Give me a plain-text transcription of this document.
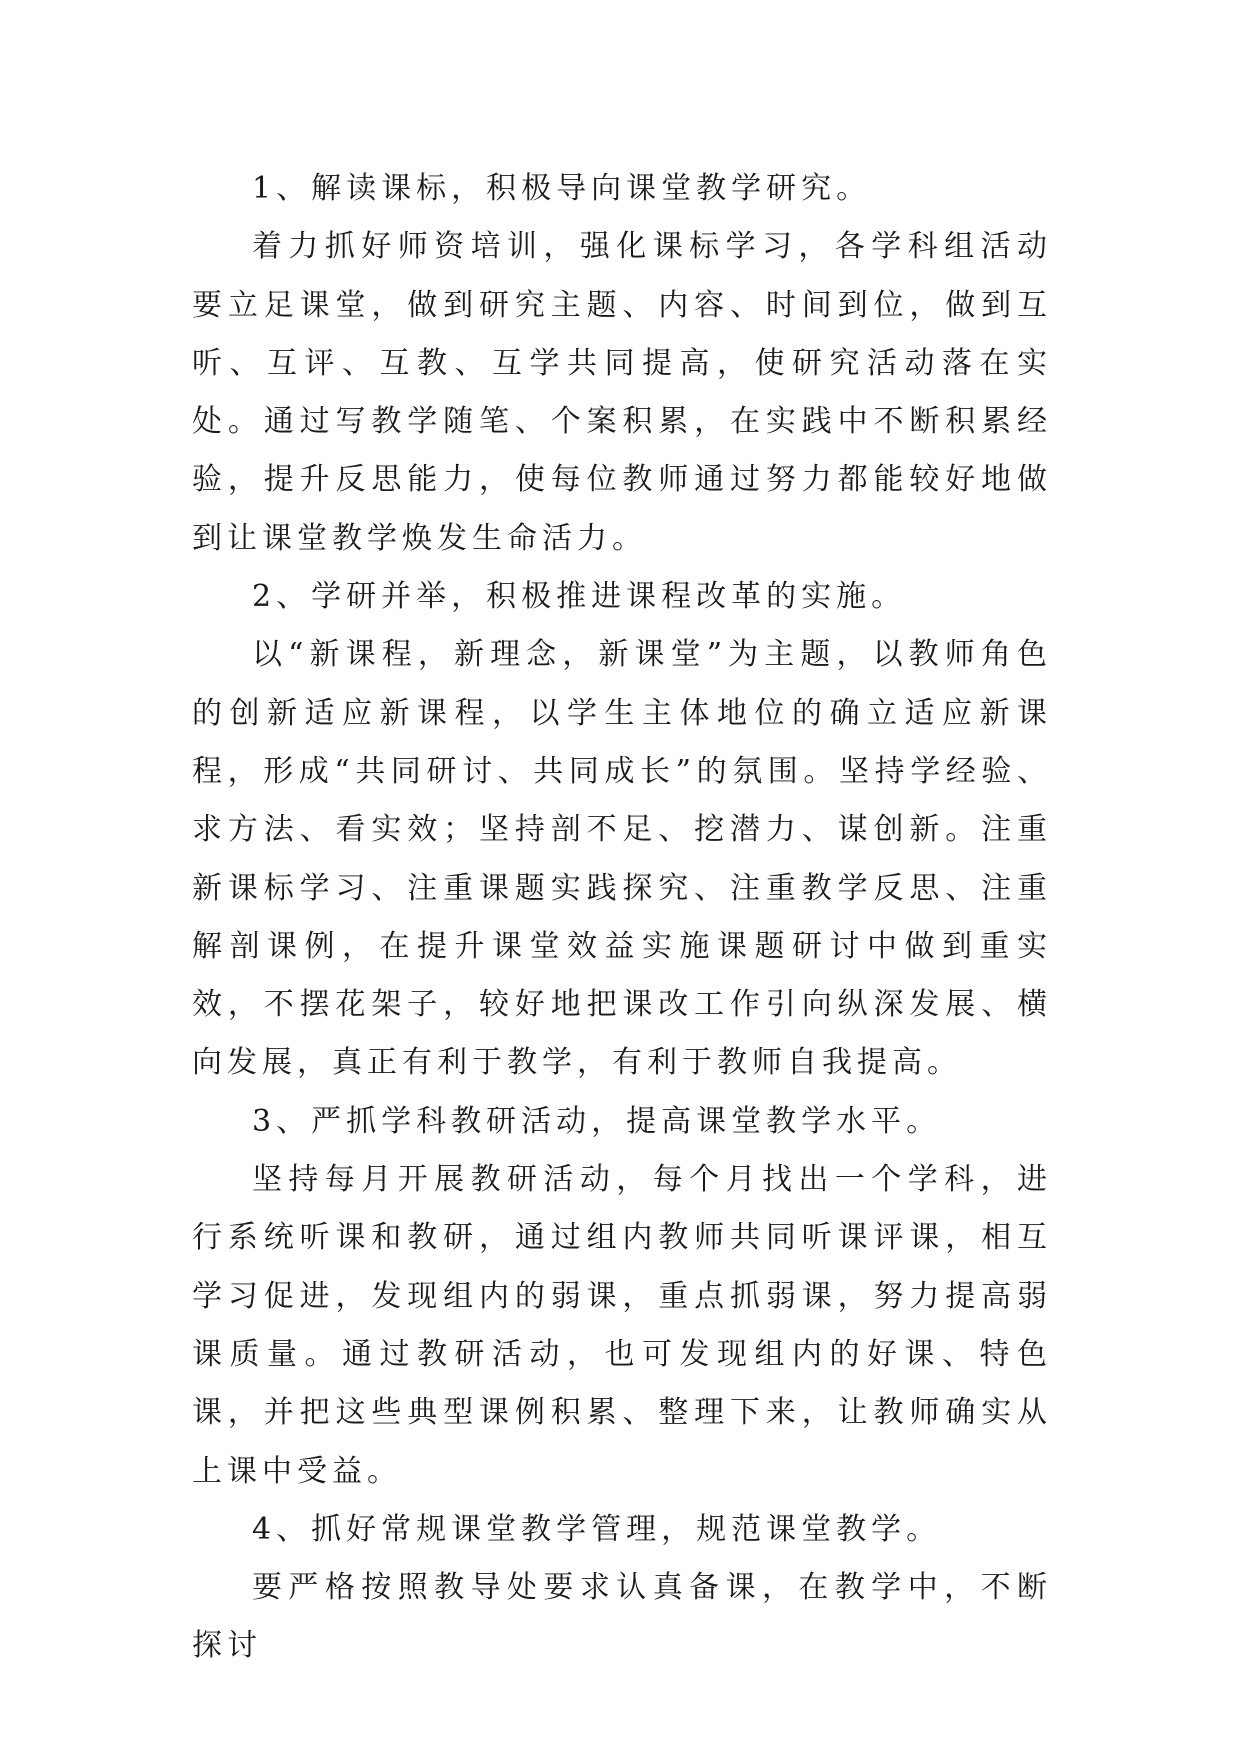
1、解读课标，积极导向课堂教学研究。

着力抓好师资培训，强化课标学习，各学科组活动要立足课堂，做到研究主题、内容、时间到位，做到互听、互评、互教、互学共同提高，使研究活动落在实处。通过写教学随笔、个案积累，在实践中不断积累经验，提升反思能力，使每位教师通过努力都能较好地做到让课堂教学焕发生命活力。

2、学研并举，积极推进课程改革的实施。

以“新课程，新理念，新课堂”为主题，以教师角色的创新适应新课程，以学生主体地位的确立适应新课程，形成“共同研讨、共同成长”的氛围。坚持学经验、求方法、看实效；坚持剖不足、挖潜力、谋创新。注重新课标学习、注重课题实践探究、注重教学反思、注重解剖课例，在提升课堂效益实施课题研讨中做到重实效，不摆花架子，较好地把课改工作引向纵深发展、横向发展，真正有利于教学，有利于教师自我提高。

3、严抓学科教研活动，提高课堂教学水平。

坚持每月开展教研活动，每个月找出一个学科，进行系统听课和教研，通过组内教师共同听课评课，相互学习促进，发现组内的弱课，重点抓弱课，努力提高弱课质量。通过教研活动，也可发现组内的好课、特色课，并把这些典型课例积累、整理下来，让教师确实从上课中受益。

4、抓好常规课堂教学管理，规范课堂教学。

要严格按照教导处要求认真备课，在教学中，不断探讨
